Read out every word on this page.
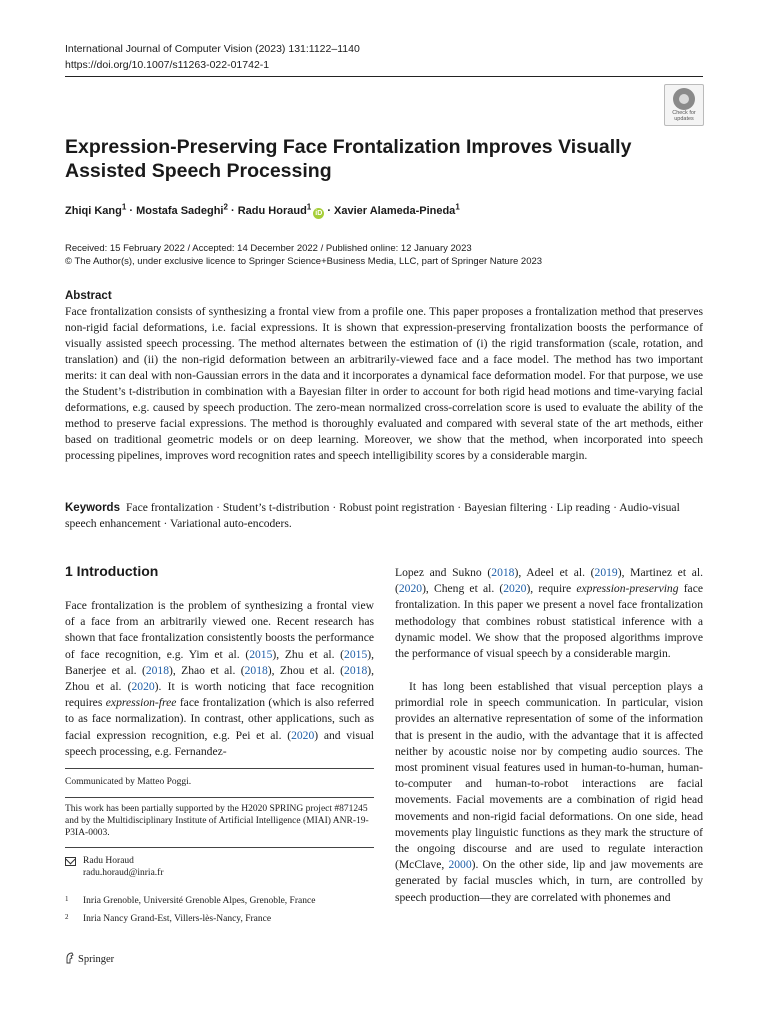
International Journal of Computer Vision (2023) 131:1122–1140
https://doi.org/10.1007/s11263-022-01742-1
Check for
updates
Expression-Preserving Face Frontalization Improves Visually Assisted Speech Processing
Zhiqi Kang$^1$ · Mostafa Sadeghi$^2$ · Radu Horaud$^1$iD · Xavier Alameda-Pineda$^1$
Received: 15 February 2022 / Accepted: 14 December 2022 / Published online: 12 January 2023
© The Author(s), under exclusive licence to Springer Science+Business Media, LLC, part of Springer Nature 2023
Abstract

Face frontalization consists of synthesizing a frontal view from a profile one. This paper proposes a frontalization method that preserves non-rigid facial deformations, i.e. facial expressions. It is shown that expression-preserving frontalization boosts the performance of visually assisted speech processing. The method alternates between the estimation of (i) the rigid transformation (scale, rotation, and translation) and (ii) the non-rigid deformation between an arbitrarily-viewed face and a face model. The method has two important merits: it can deal with non-Gaussian errors in the data and it incorporates a dynamical face deformation model. For that purpose, we use the Student’s t-distribution in combination with a Bayesian filter in order to account for both rigid head motions and time-varying facial deformations, e.g. caused by speech production. The zero-mean normalized cross-correlation score is used to evaluate the ability of the method to preserve facial expressions. The method is thoroughly evaluated and compared with several state of the art methods, either based on traditional geometric models or on deep learning. Moreover, we show that the method, when incorporated into speech processing pipelines, improves word recognition rates and speech intelligibility scores by a considerable margin.

Keywords Face frontalization · Student’s t-distribution · Robust point registration · Bayesian filtering · Lip reading · Audio-visual speech enhancement · Variational auto-encoders.

1 Introduction

Face frontalization is the problem of synthesizing a frontal view of a face from an arbitrarily viewed one. Recent research has shown that face frontalization consistently boosts the performance of face recognition, e.g. Yim et al. (2015), Zhu et al. (2015), Banerjee et al. (2018), Zhao et al. (2018), Zhou et al. (2018), Zhou et al. (2020). It is worth noticing that face recognition requires expression-free face frontalization (which is also referred to as face normalization). In contrast, other applications, such as facial expression recognition, e.g. Pei et al. (2020) and visual speech processing, e.g. Fernandez-

Lopez and Sukno (2018), Adeel et al. (2019), Martinez et al. (2020), Cheng et al. (2020), require expression-preserving face frontalization. In this paper we present a novel face frontalization methodology that combines robust statistical inference with a dynamic model. We show that the proposed algorithms improve the performance of visual speech by a considerable margin.

It has long been established that visual perception plays a primordial role in speech communication. In particular, vision provides an alternative representation of some of the information that is present in the audio, with the advantage that it is affected neither by acoustic noise nor by competing audio sources. The most prominent visual features used in human-to-human, human-to-computer and human-to-robot interactions are facial movements. Facial movements are a combination of rigid head movements and non-rigid facial deformations. On one side, head movements play linguistic functions as they mark the structure of the ongoing discourse and are used to regulate interaction (McClave, 2000). On the other side, lip and jaw movements are generated by facial muscles which, in turn, are controlled by speech production—they are correlated with phonemes and

Communicated by Matteo Poggi.

This work has been partially supported by the H2020 SPRING project #871245 and by the Multidisciplinary Institute of Artificial Intelligence (MIAI) ANR-19-P3IA-0003.

Radu Horaud
radu.horaud@inria.fr
1 Inria Grenoble, Université Grenoble Alpes, Grenoble, France
2 Inria Nancy Grand-Est, Villers-lès-Nancy, France
Springer
